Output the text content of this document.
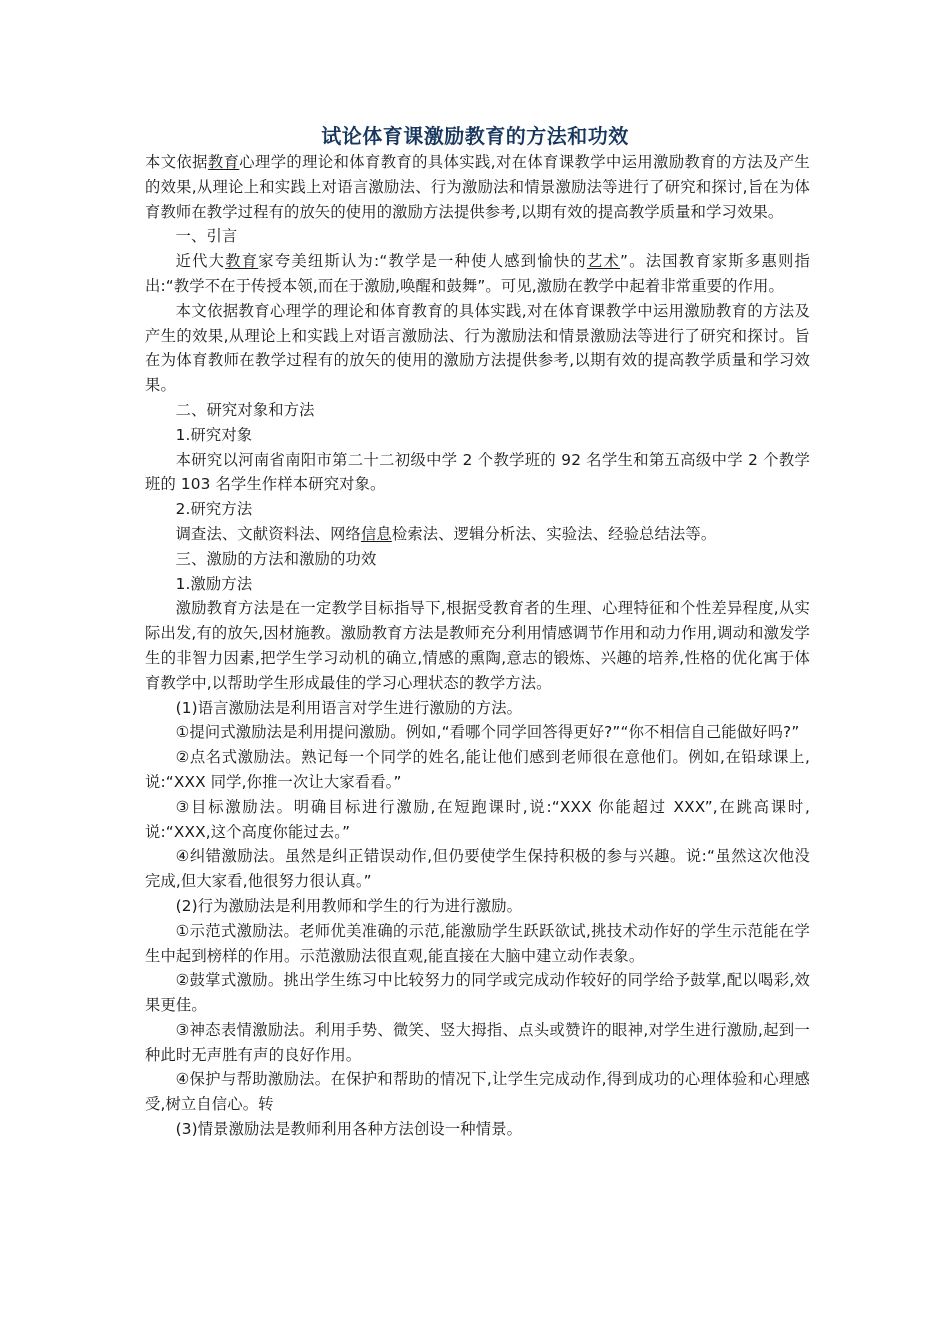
试论体育课激励教育的方法和功效

本文依据教育心理学的理论和体育教育的具体实践,对在体育课教学中运用激励教育的方法及产生的效果,从理论上和实践上对语言激励法、行为激励法和情景激励法等进行了研究和探讨,旨在为体育教师在教学过程有的放矢的使用的激励方法提供参考,以期有效的提高教学质量和学习效果。

一、引言

近代大教育家夸美纽斯认为:“教学是一种使人感到愉快的艺术”。法国教育家斯多惠则指出:“教学不在于传授本领,而在于激励,唤醒和鼓舞”。可见,激励在教学中起着非常重要的作用。

本文依据教育心理学的理论和体育教育的具体实践,对在体育课教学中运用激励教育的方法及产生的效果,从理论上和实践上对语言激励法、行为激励法和情景激励法等进行了研究和探讨。旨在为体育教师在教学过程有的放矢的使用的激励方法提供参考,以期有效的提高教学质量和学习效果。

二、研究对象和方法

1.研究对象

本研究以河南省南阳市第二十二初级中学 2 个教学班的 92 名学生和第五高级中学 2 个教学班的 103 名学生作样本研究对象。

2.研究方法

调查法、文献资料法、网络信息检索法、逻辑分析法、实验法、经验总结法等。

三、激励的方法和激励的功效

1.激励方法

激励教育方法是在一定教学目标指导下,根据受教育者的生理、心理特征和个性差异程度,从实际出发,有的放矢,因材施教。激励教育方法是教师充分利用情感调节作用和动力作用,调动和激发学生的非智力因素,把学生学习动机的确立,情感的熏陶,意志的锻炼、兴趣的培养,性格的优化寓于体育教学中,以帮助学生形成最佳的学习心理状态的教学方法。

(1)语言激励法是利用语言对学生进行激励的方法。

①提问式激励法是利用提问激励。例如,“看哪个同学回答得更好?”“你不相信自己能做好吗?”

②点名式激励法。熟记每一个同学的姓名,能让他们感到老师很在意他们。例如,在铅球课上,说:“XXX 同学,你推一次让大家看看。”

③目标激励法。明确目标进行激励,在短跑课时,说:“XXX 你能超过 XXX”,在跳高课时,说:“XXX,这个高度你能过去。”

④纠错激励法。虽然是纠正错误动作,但仍要使学生保持积极的参与兴趣。说:“虽然这次他没完成,但大家看,他很努力很认真。”

(2)行为激励法是利用教师和学生的行为进行激励。

①示范式激励法。老师优美准确的示范,能激励学生跃跃欲试,挑技术动作好的学生示范能在学生中起到榜样的作用。示范激励法很直观,能直接在大脑中建立动作表象。

②鼓掌式激励。挑出学生练习中比较努力的同学或完成动作较好的同学给予鼓掌,配以喝彩,效果更佳。

③神态表情激励法。利用手势、微笑、竖大拇指、点头或赞许的眼神,对学生进行激励,起到一种此时无声胜有声的良好作用。

④保护与帮助激励法。在保护和帮助的情况下,让学生完成动作,得到成功的心理体验和心理感受,树立自信心。转

(3)情景激励法是教师利用各种方法创设一种情景。
